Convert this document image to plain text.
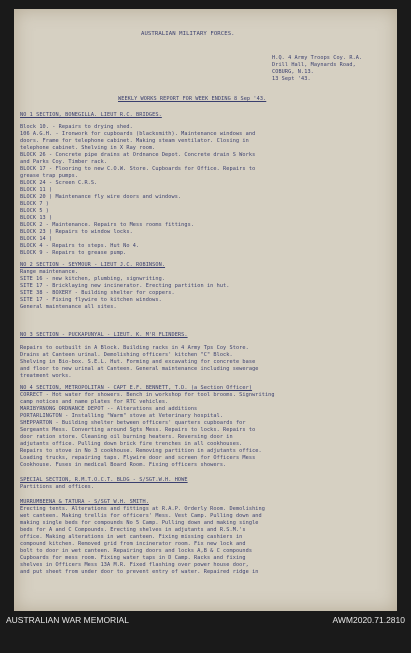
AUSTRALIAN MILITARY FORCES.
H.Q. 4 Army Troops Coy. R.A.
Drill Hall, Maynards Road,
COBURG, N.13.
13 Sept '43.
WEEKLY WORKS REPORT FOR WEEK ENDING 8 Sep '43.
NO 1 SECTION, BONEGILLA. LIEUT R.C. BRIDGES.
Block 10. - Repairs to drying shed.
106 A.G.H. - Ironwork for cupboards (blacksmith). Maintenance windows and
doors. Frame for telephone cabinet. Making steam ventilator. Closing in
telephone cabinet. Shelving in X Ray room.
BLOCK 26 - Concrete pipe drains at Ordnance Depot. Concrete drain S Works
and Parks Coy. Timber rack.
BLOCK 17 - Flooring to new C.O.W. Store. Cupboards for Office. Repairs to
grease trap pumps.
BLOCK 24 - Screen C.R.S.
BLOCK 11 )
BLOCK 20 ) Maintenance fly wire doors and windows.
BLOCK 7 )
BLOCK 5 )
BLOCK 13 )
BLOCK 2 - Maintenance. Repairs to Mess rooms fittings.
BLOCK 23 ) Repairs to window locks.
BLOCK 14 )
BLOCK 4 - Repairs to steps. Hut No 4.
BLOCK 9 - Repairs to grease pump.
NO 2 SECTION - SEYMOUR - LIEUT J.C. ROBINSON.
Range maintenance.
SITE 16 - new kitchen, plumbing, signwriting.
SITE 17 - Bricklaying new incinerator. Erecting partition in hut.
SITE 38 - BOXERY - Building shelter for coppers.
SITE 17 - Fixing flywire to kitchen windows.
General maintenance all sites.
NO 3 SECTION - PUCKAPUNYAL - LIEUT. K. M'R FLINDERS.
Repairs to outbuilt in A Block. Building racks in 4 Army Tps Coy Store.
Drains at Canteen urinal. Demolishing officers' kitchen "C" Block.
Shelving in Bio-box. S.E.L. Hut. Forming and excavating for concrete base
and floor to new urinal at Canteen. General maintenance including sewerage
treatment works.
NO 4 SECTION, METROPOLITAN - CAPT E.F. BENNETT, T.D. (a Section Officer)
CORRECT - Hot water for showers. Bench in workshop for tool brooms. Signwriting
camp notices and name plates for RTC vehicles.
MARIBYRNONG ORDNANCE DEPOT -- Alterations and additions
PORTARLINGTON - Installing "Warm" stove at Veterinary hospital.
SHEPPARTON - Building shelter between officers' quarters cupboards for
Sergeants Mess. Converting around Sgts Mess. Repairs to locks. Repairs to
door ration store. Cleaning oil burning heaters. Reversing door in
adjutants office. Pulling down brick fire trenches in all cookhouses.
Repairs to stove in No 3 cookhouse. Removing partition in adjutants office.
Loading trucks, repairing taps. Flywire door and screen for Officers Mess
Cookhouse. Fuses in medical Board Room. Fixing officers showers.
SPECIAL SECTION, R.M.T.O.C.T. BLDG - S/SGT.W.H. HOWE
Partitions and offices.
MURRUMBEENA & TATURA - S/SGT W.H. SMITH.
Erecting tents. Alterations and fittings at R.A.P. Orderly Room. Demolishing
wet canteen. Making trellis for officers' Mess. Vest Camp. Pulling down and
making single beds for compounds No 5 Camp. Pulling down and making single
beds for A and C Compounds. Erecting shelves in adjutants and R.S.M.'s
office. Making alterations in wet canteen. Fixing missing cashiers in
compound kitchen. Removed grid from incinerator room. Fix new lock and
bolt to door in wet canteen. Repairing doors and locks A,B & C compounds
Cupboards for mess room. Fixing water taps in D Camp. Racks and fixing
shelves in Officers Mess 13A M.R. Fixed flashing over power house door,
and put sheet from under door to prevent entry of water. Repaired ridge in
AUSTRALIAN WAR MEMORIAL	AWM2020.71.2810
